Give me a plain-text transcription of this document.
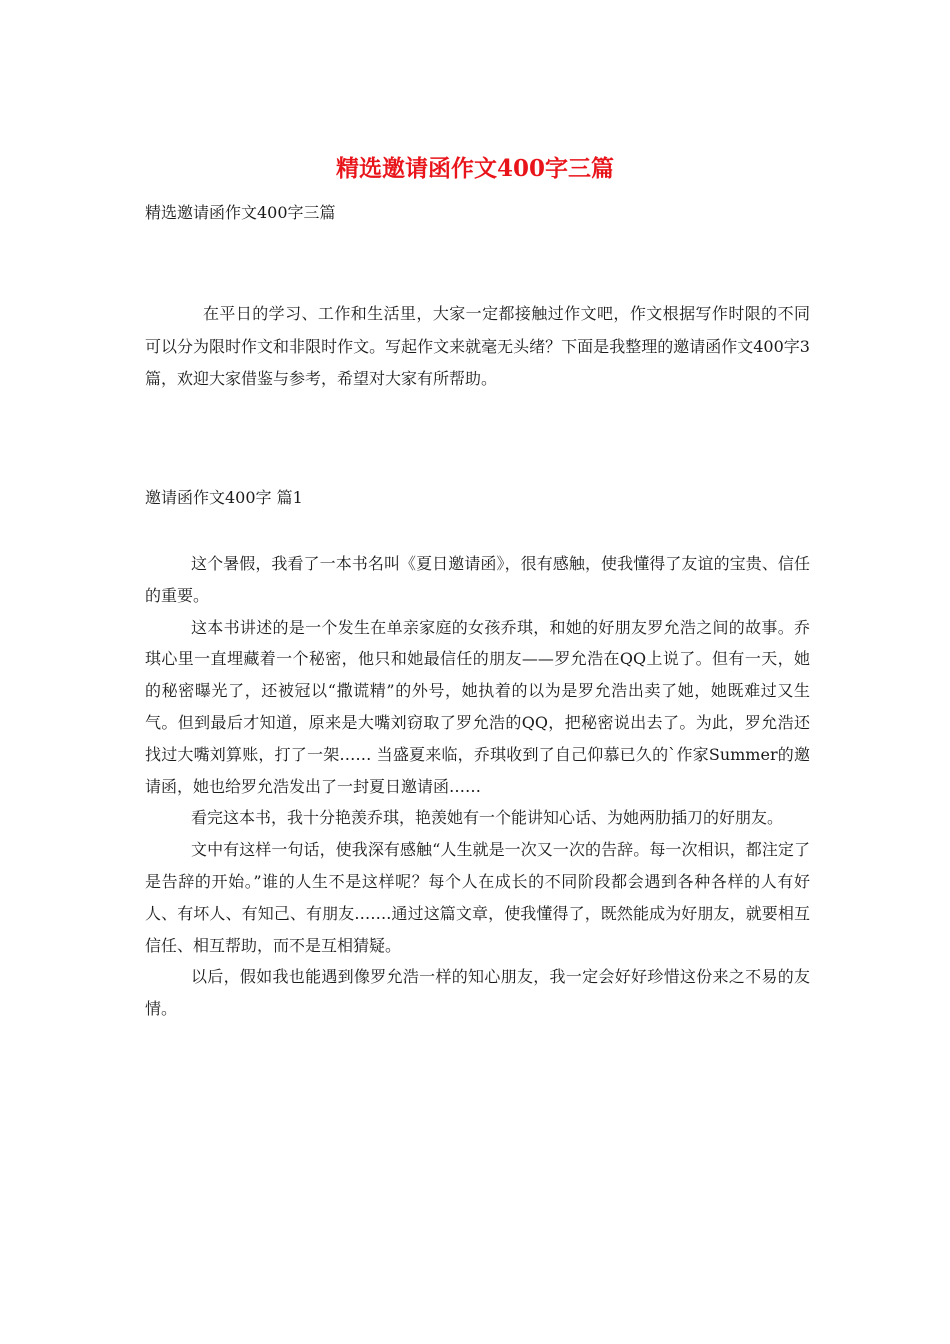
精选邀请函作文400字三篇

精选邀请函作文400字三篇

在平日的学习、工作和生活里，大家一定都接触过作文吧，作文根据写作时限的不同可以分为限时作文和非限时作文。写起作文来就毫无头绪？下面是我整理的邀请函作文400字3篇，欢迎大家借鉴与参考，希望对大家有所帮助。

邀请函作文400字 篇1

这个暑假，我看了一本书名叫《夏日邀请函》，很有感触，使我懂得了友谊的宝贵、信任的重要。

这本书讲述的是一个发生在单亲家庭的女孩乔琪，和她的好朋友罗允浩之间的故事。乔琪心里一直埋藏着一个秘密，他只和她最信任的朋友——罗允浩在QQ上说了。但有一天，她的秘密曝光了，还被冠以“撒谎精”的外号，她执着的以为是罗允浩出卖了她，她既难过又生气。但到最后才知道，原来是大嘴刘窃取了罗允浩的QQ，把秘密说出去了。为此，罗允浩还找过大嘴刘算账，打了一架…… 当盛夏来临，乔琪收到了自己仰慕已久的`作家Summer的邀请函，她也给罗允浩发出了一封夏日邀请函……

看完这本书，我十分艳羡乔琪，艳羡她有一个能讲知心话、为她两肋插刀的好朋友。

文中有这样一句话，使我深有感触“人生就是一次又一次的告辞。每一次相识，都注定了是告辞的开始。”谁的人生不是这样呢？每个人在成长的不同阶段都会遇到各种各样的人有好人、有坏人、有知己、有朋友…….通过这篇文章，使我懂得了，既然能成为好朋友，就要相互信任、相互帮助，而不是互相猜疑。

以后，假如我也能遇到像罗允浩一样的知心朋友，我一定会好好珍惜这份来之不易的友情。
